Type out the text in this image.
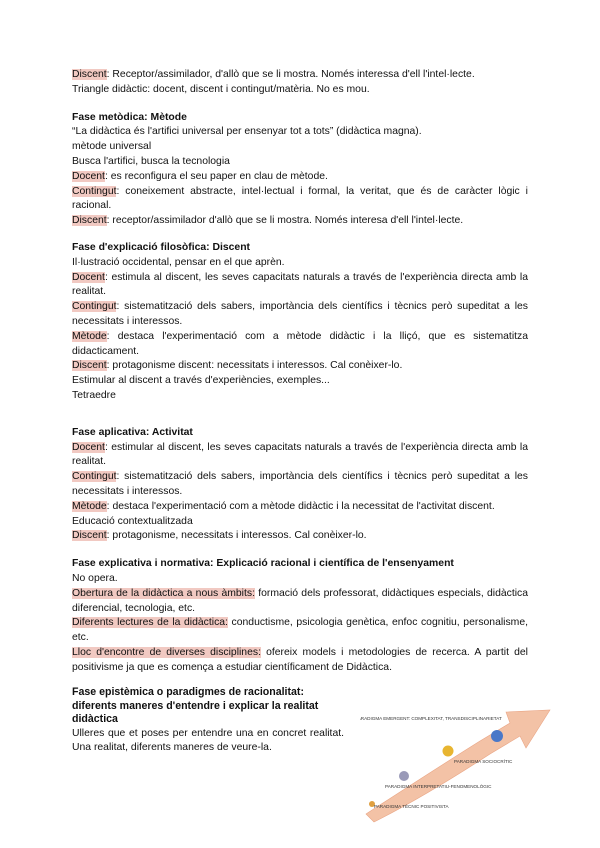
Discent: Receptor/assimilador, d'allò que se li mostra. Només interessa d'ell l'intel·lecte.

Triangle didàctic: docent, discent i contingut/matèria. No es mou.

Fase metòdica: Mètode

“La didàctica és l'artifici universal per ensenyar tot a tots” (didàctica magna).

mètode universal

Busca l'artifici, busca la tecnologia

Docent: es reconfigura el seu paper en clau de mètode.

Contingut: coneixement abstracte, intel·lectual i formal, la veritat, que és de caràcter lògic i racional.

Discent: receptor/assimilador d'allò que se li mostra. Només interesa d'ell l'intel·lecte.

Fase d'explicació filosòfica: Discent

Il·lustració occidental, pensar en el que aprèn.

Docent: estimula al discent, les seves capacitats naturals a través de l'experiència directa amb la realitat.

Contingut: sistematització dels sabers, importància dels científics i tècnics però supeditat a les necessitats i interessos.

Mètode: destaca l'experimentació com a mètode didàctic i la lliçó, que es sistematitza didacticament.

Discent: protagonisme discent: necessitats i interessos. Cal conèixer-lo.

Estimular al discent a través d'experiències, exemples...

Tetraedre

Fase aplicativa: Activitat

Docent: estimular al discent, les seves capacitats naturals a través de l'experiència directa amb la realitat.

Contingut: sistematització dels sabers, importància dels científics i tècnics però supeditat a les necessitats i interessos.

Mètode: destaca l'experimentació com a mètode didàctic i la necessitat de l'activitat discent.

Educació contextualitzada

Discent: protagonisme, necessitats i interessos. Cal conèixer-lo.

Fase explicativa i normativa: Explicació racional i científica de l'ensenyament

No opera.

Obertura de la didàctica a nous àmbits: formació dels professorat, didàctiques especials, didàctica diferencial, tecnologia, etc.

Diferents lectures de la didàctica: conductisme, psicologia genètica, enfoc cognitiu, personalisme, etc.

Lloc d'encontre de diverses disciplines: ofereix models i metodologies de recerca. A partit del positivisme ja que es comença a estudiar científicament de Didàctica.

Fase epistèmica o paradigmes de racionalitat: diferents maneres d'entendre i explicar la realitat didàctica

Ulleres que et poses per entendre una en concret realitat. Una realitat, diferents maneres de veure-la.

PARADIGMA EMERGENT: COMPLEXITAT, TRANSDISCIPLINARIETAT
PARADIGMA SOCIOCRÍTIC
PARADIGMA INTERPRETATIU-FENOMENOLÒGIC
PARADIGMA TÈCNIC POSITIVISTA
